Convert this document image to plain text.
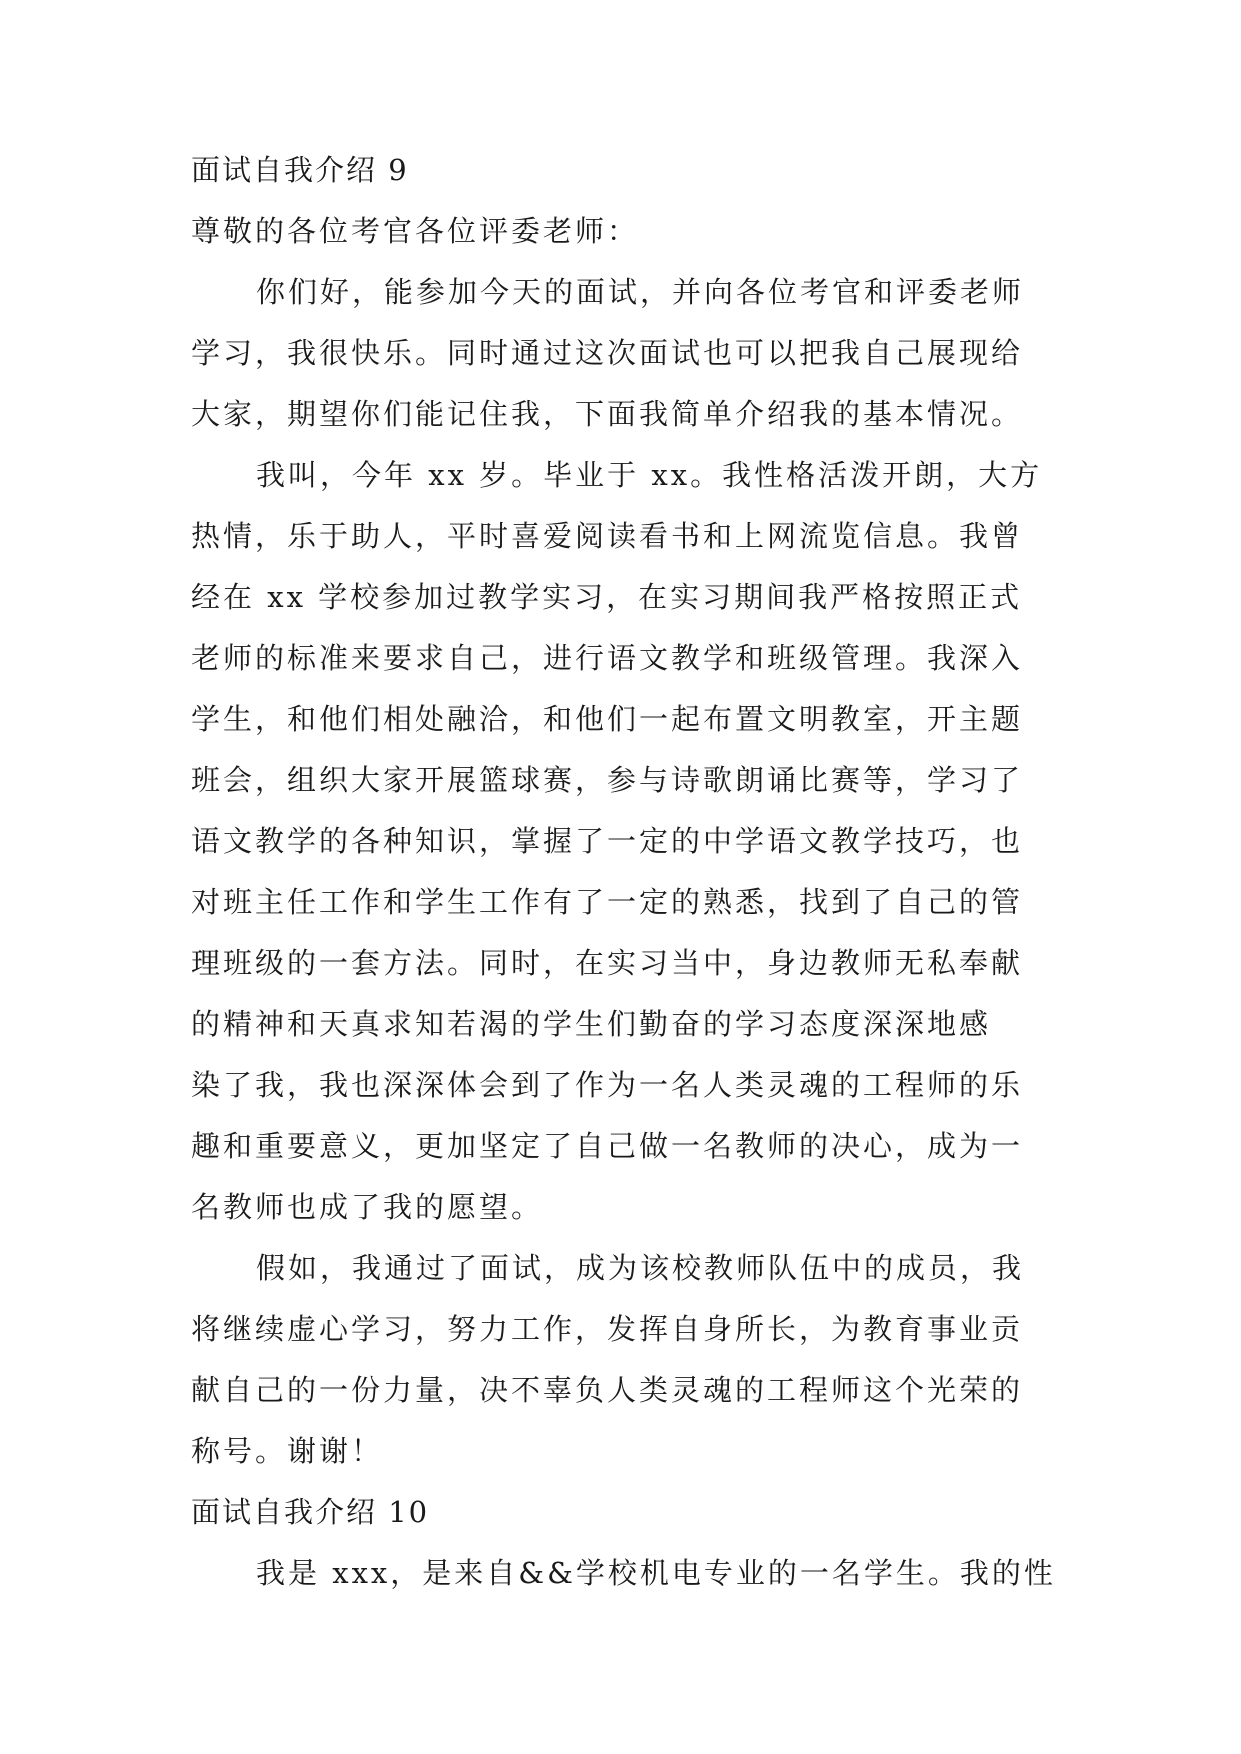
面试自我介绍 9
尊敬的各位考官各位评委老师：
你们好，能参加今天的面试，并向各位考官和评委老师
学习，我很快乐。同时通过这次面试也可以把我自己展现给
大家，期望你们能记住我，下面我简单介绍我的基本情况。
我叫，今年 xx 岁。毕业于 xx。我性格活泼开朗，大方
热情，乐于助人，平时喜爱阅读看书和上网流览信息。我曾
经在 xx 学校参加过教学实习，在实习期间我严格按照正式
老师的标准来要求自己，进行语文教学和班级管理。我深入
学生，和他们相处融洽，和他们一起布置文明教室，开主题
班会，组织大家开展篮球赛，参与诗歌朗诵比赛等，学习了
语文教学的各种知识，掌握了一定的中学语文教学技巧，也
对班主任工作和学生工作有了一定的熟悉，找到了自己的管
理班级的一套方法。同时，在实习当中，身边教师无私奉献
的精神和天真求知若渴的学生们勤奋的学习态度深深地感
染了我，我也深深体会到了作为一名人类灵魂的工程师的乐
趣和重要意义，更加坚定了自己做一名教师的决心，成为一
名教师也成了我的愿望。
假如，我通过了面试，成为该校教师队伍中的成员，我
将继续虚心学习，努力工作，发挥自身所长，为教育事业贡
献自己的一份力量，决不辜负人类灵魂的工程师这个光荣的
称号。谢谢！
面试自我介绍 10
我是 xxx，是来自&&学校机电专业的一名学生。我的性
